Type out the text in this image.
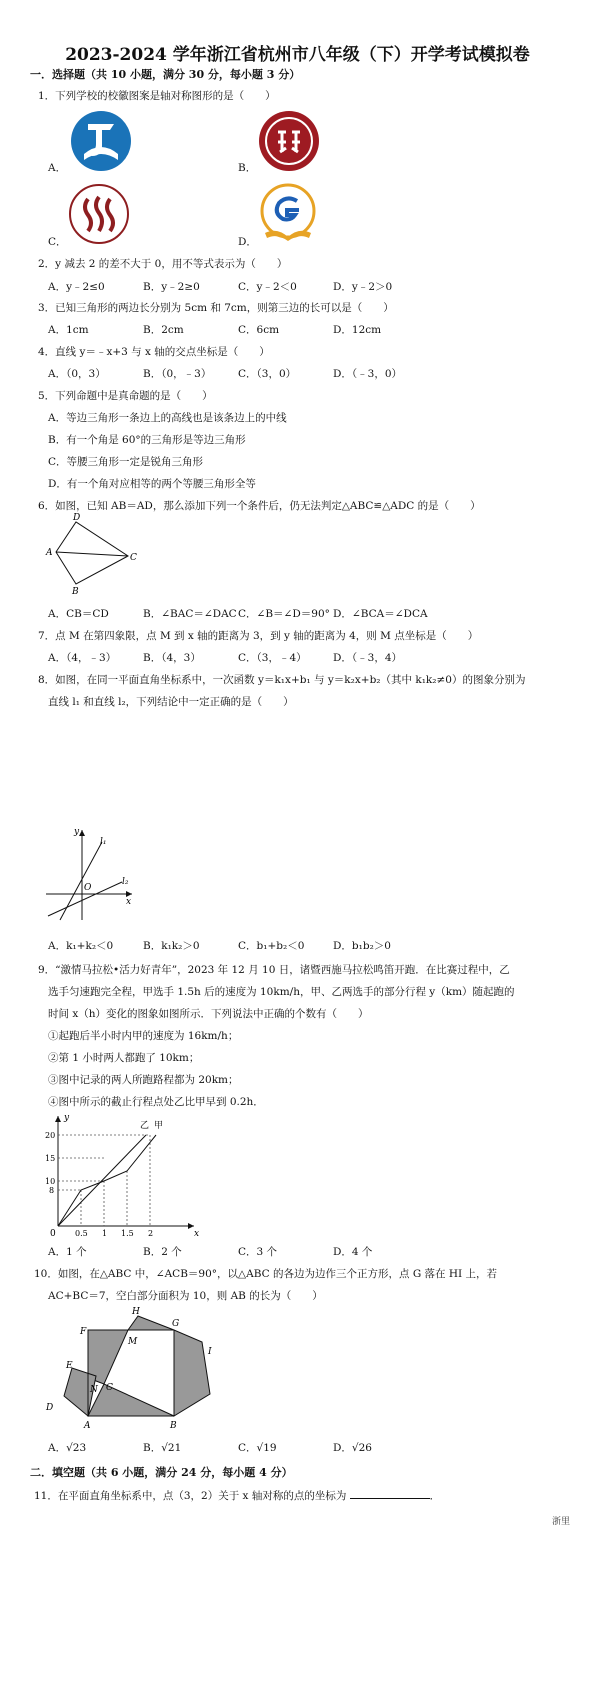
2023-2024 学年浙江省杭州市八年级（下）开学考试模拟卷
一．选择题（共 10 小题，满分 30 分，每小题 3 分）
1．下列学校的校徽图案是轴对称图形的是（　　）
A．	B．
C．	D．
2．y 减去 2 的差不大于 0，用不等式表示为（　　）
A．y﹣2≤0	B．y﹣2≥0	C．y﹣2＜0	D．y﹣2＞0
3．已知三角形的两边长分别为 5cm 和 7cm，则第三边的长可以是（　　）
A．1cm	B．2cm	C．6cm	D．12cm
4．直线 y＝﹣x+3 与 x 轴的交点坐标是（　　）
A．（0，3）	B．（0，﹣3）	C．（3，0）	D．（﹣3，0）
5．下列命题中是真命题的是（　　）
A．等边三角形一条边上的高线也是该条边上的中线
B．有一个角是 60°的三角形是等边三角形
C．等腰三角形一定是锐角三角形
D．有一个角对应相等的两个等腰三角形全等
6．如图，已知 AB＝AD，那么添加下列一个条件后，仍无法判定△ABC≌△ADC 的是（　　）
D
A	C
B
A．CB＝CD	B．∠BAC＝∠DAC C．∠B＝∠D＝90° D．∠BCA＝∠DCA
7．点 M 在第四象限，点 M 到 x 轴的距离为 3，到 y 轴的距离为 4，则 M 点坐标是（　　）
A．（4，﹣3）	B．（4，3）	C．（3，﹣4）	D．（﹣3，4）
8．如图，在同一平面直角坐标系中，一次函数 y＝k₁x+b₁ 与 y＝k₂x+b₂（其中 k₁k₂≠0）的图象分别为
直线 l₁ 和直线 l₂，下列结论中一定正确的是（　　）
y
x
O
l₁
l₂
A．k₁+k₂＜0	B．k₁k₂＞0	C．b₁+b₂＜0	D．b₁b₂＞0
9．“激情马拉松•活力好青年”，2023 年 12 月 10 日，诸暨西施马拉松鸣笛开跑．在比赛过程中，乙
选手匀速跑完全程，甲选手 1.5h 后的速度为 10km/h，甲、乙两选手的部分行程 y（km）随起跑的
时间 x（h）变化的图象如图所示．下列说法中正确的个数有（　　）
①起跑后半小时内甲的速度为 16km/h；
②第 1 小时两人都跑了 10km；
③图中记录的两人所跑路程都为 20km；
④图中所示的截止行程点处乙比甲早到 0.2h．
y
x
0
20
15
10
8
0.5 1 1.5 2
乙 甲
A．1 个	B．2 个	C．3 个	D．4 个
10．如图，在△ABC 中，∠ACB＝90°，以△ABC 的各边为边作三个正方形，点 G 落在 HI 上，若
AC+BC＝7，空白部分面积为 10，则 AB 的长为（　　）
H
F
G
M
I
E
N C
D
A	B
A．√23	B．√21	C．√19	D．√26
二．填空题（共 6 小题，满分 24 分，每小题 4 分）
11．在平面直角坐标系中，点（3，2）关于 x 轴对称的点的坐标为	．
浙里
